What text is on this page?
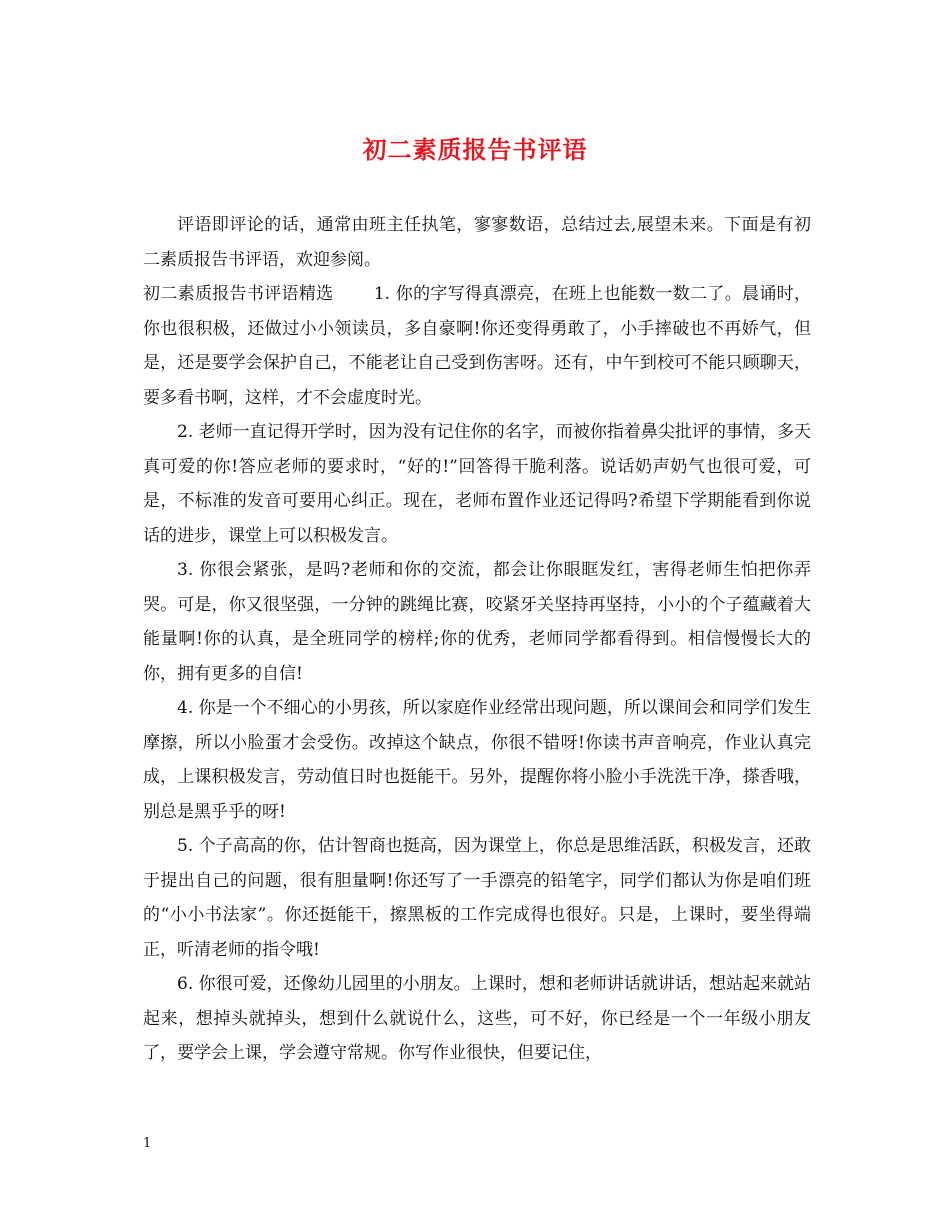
初二素质报告书评语

评语即评论的话，通常由班主任执笔，寥寥数语，总结过去,展望未来。下面是有初二素质报告书评语，欢迎参阅。

初二素质报告书评语精选　　 1. 你的字写得真漂亮，在班上也能数一数二了。晨诵时，你也很积极，还做过小小领读员，多自豪啊!你还变得勇敢了，小手摔破也不再娇气，但是，还是要学会保护自己，不能老让自己受到伤害呀。还有，中午到校可不能只顾聊天，要多看书啊，这样，才不会虚度时光。

2. 老师一直记得开学时，因为没有记住你的名字，而被你指着鼻尖批评的事情，多天真可爱的你!答应老师的要求时，“好的!”回答得干脆利落。说话奶声奶气也很可爱，可是，不标准的发音可要用心纠正。现在，老师布置作业还记得吗?希望下学期能看到你说话的进步，课堂上可以积极发言。

3. 你很会紧张，是吗?老师和你的交流，都会让你眼眶发红，害得老师生怕把你弄哭。可是，你又很坚强，一分钟的跳绳比赛，咬紧牙关坚持再坚持，小小的个子蕴藏着大能量啊!你的认真，是全班同学的榜样;你的优秀，老师同学都看得到。相信慢慢长大的你，拥有更多的自信!

4. 你是一个不细心的小男孩，所以家庭作业经常出现问题，所以课间会和同学们发生摩擦，所以小脸蛋才会受伤。改掉这个缺点，你很不错呀!你读书声音响亮，作业认真完成，上课积极发言，劳动值日时也挺能干。另外，提醒你将小脸小手洗洗干净，搽香哦，别总是黑乎乎的呀!

5. 个子高高的你，估计智商也挺高，因为课堂上，你总是思维活跃，积极发言，还敢于提出自己的问题，很有胆量啊!你还写了一手漂亮的铅笔字，同学们都认为你是咱们班的“小小书法家”。你还挺能干，擦黑板的工作完成得也很好。只是，上课时，要坐得端正，听清老师的指令哦!

6. 你很可爱，还像幼儿园里的小朋友。上课时，想和老师讲话就讲话，想站起来就站起来，想掉头就掉头，想到什么就说什么，这些，可不好，你已经是一个一年级小朋友了，要学会上课，学会遵守常规。你写作业很快，但要记住，

1
